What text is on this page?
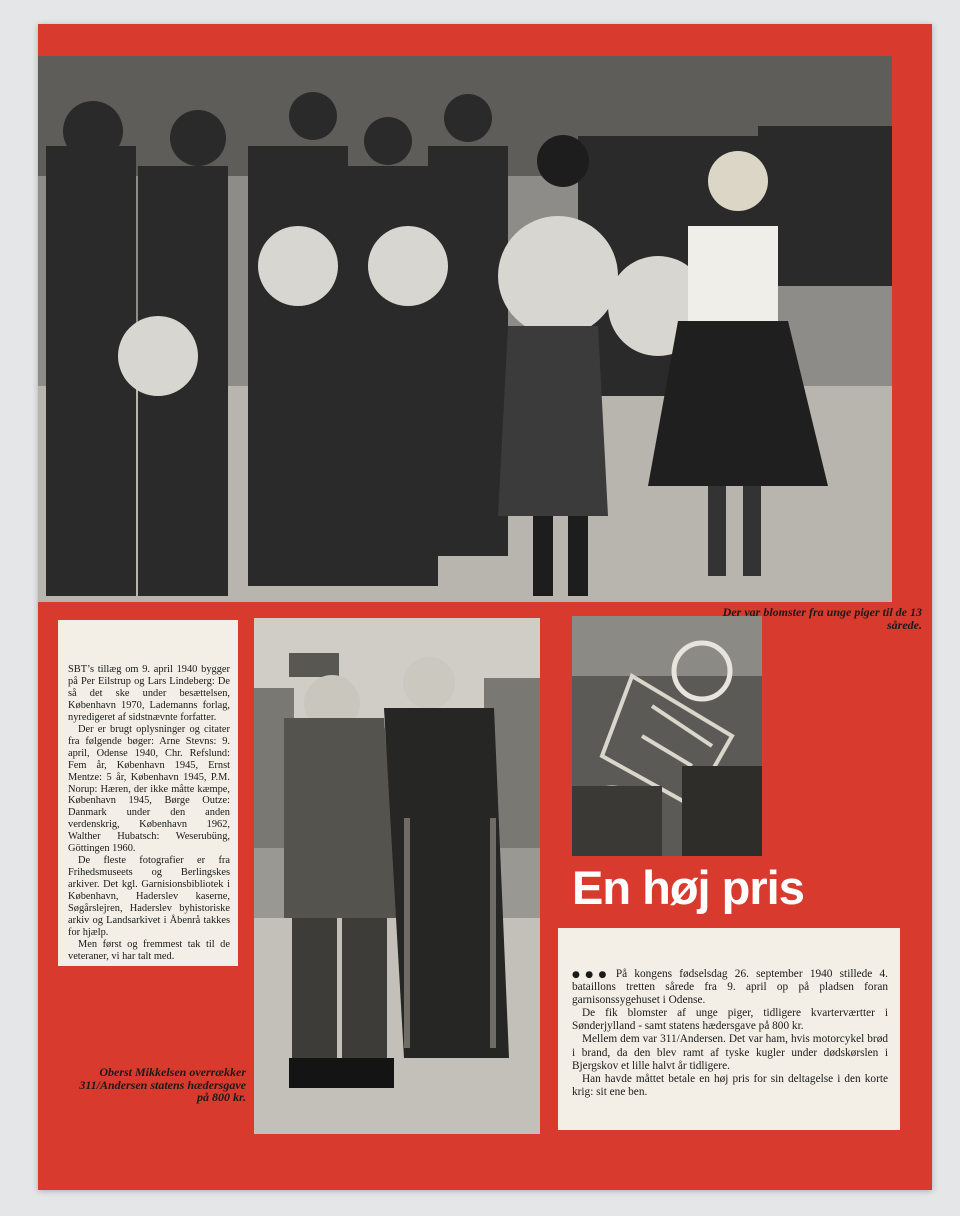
SBT’s tillæg om 9. april 1940 bygger på Per Eilstrup og Lars Lindeberg: De så det ske under besættelsen, København 1970, Lademanns forlag, nyredigeret af sidstnævnte forfatter.

Der er brugt oplysninger og citater fra følgende bøger: Arne Stevns: 9. april, Odense 1940, Chr. Refslund: Fem år, København 1945, Ernst Mentze: 5 år, København 1945, P.M. Norup: Hæren, der ikke måtte kæmpe, København 1945, Børge Outze: Danmark under den anden verdenskrig, København 1962, Walther Hubatsch: Weserubüng, Göttingen 1960.

De fleste fotografier er fra Frihedsmuseets og Berlingskes arkiver. Det kgl. Garnisionsbibliotek i København, Haderslev kaserne, Søgårslejren, Haderslev byhistoriske arkiv og Landsarkivet i Åbenrå takkes for hjælp.

Men først og fremmest tak til de veteraner, vi har talt med.

Der var blomster fra unge piger til de 13 sårede.
Oberst Mikkelsen overrækker 311/Andersen statens hædersgave på 800 kr.
En høj pris

●●● På kongens fødselsdag 26. september 1940 stillede 4. bataillons tretten sårede fra 9. april op på pladsen foran garnisonssygehuset i Odense.

De fik blomster af unge piger, tidligere kvarterværtter i Sønderjylland - samt statens hædersgave på 800 kr.

Mellem dem var 311/Andersen. Det var ham, hvis motorcykel brød i brand, da den blev ramt af tyske kugler under dødskørslen i Bjergskov et lille halvt år tidligere.

Han havde måttet betale en høj pris for sin deltagelse i den korte krig: sit ene ben.
